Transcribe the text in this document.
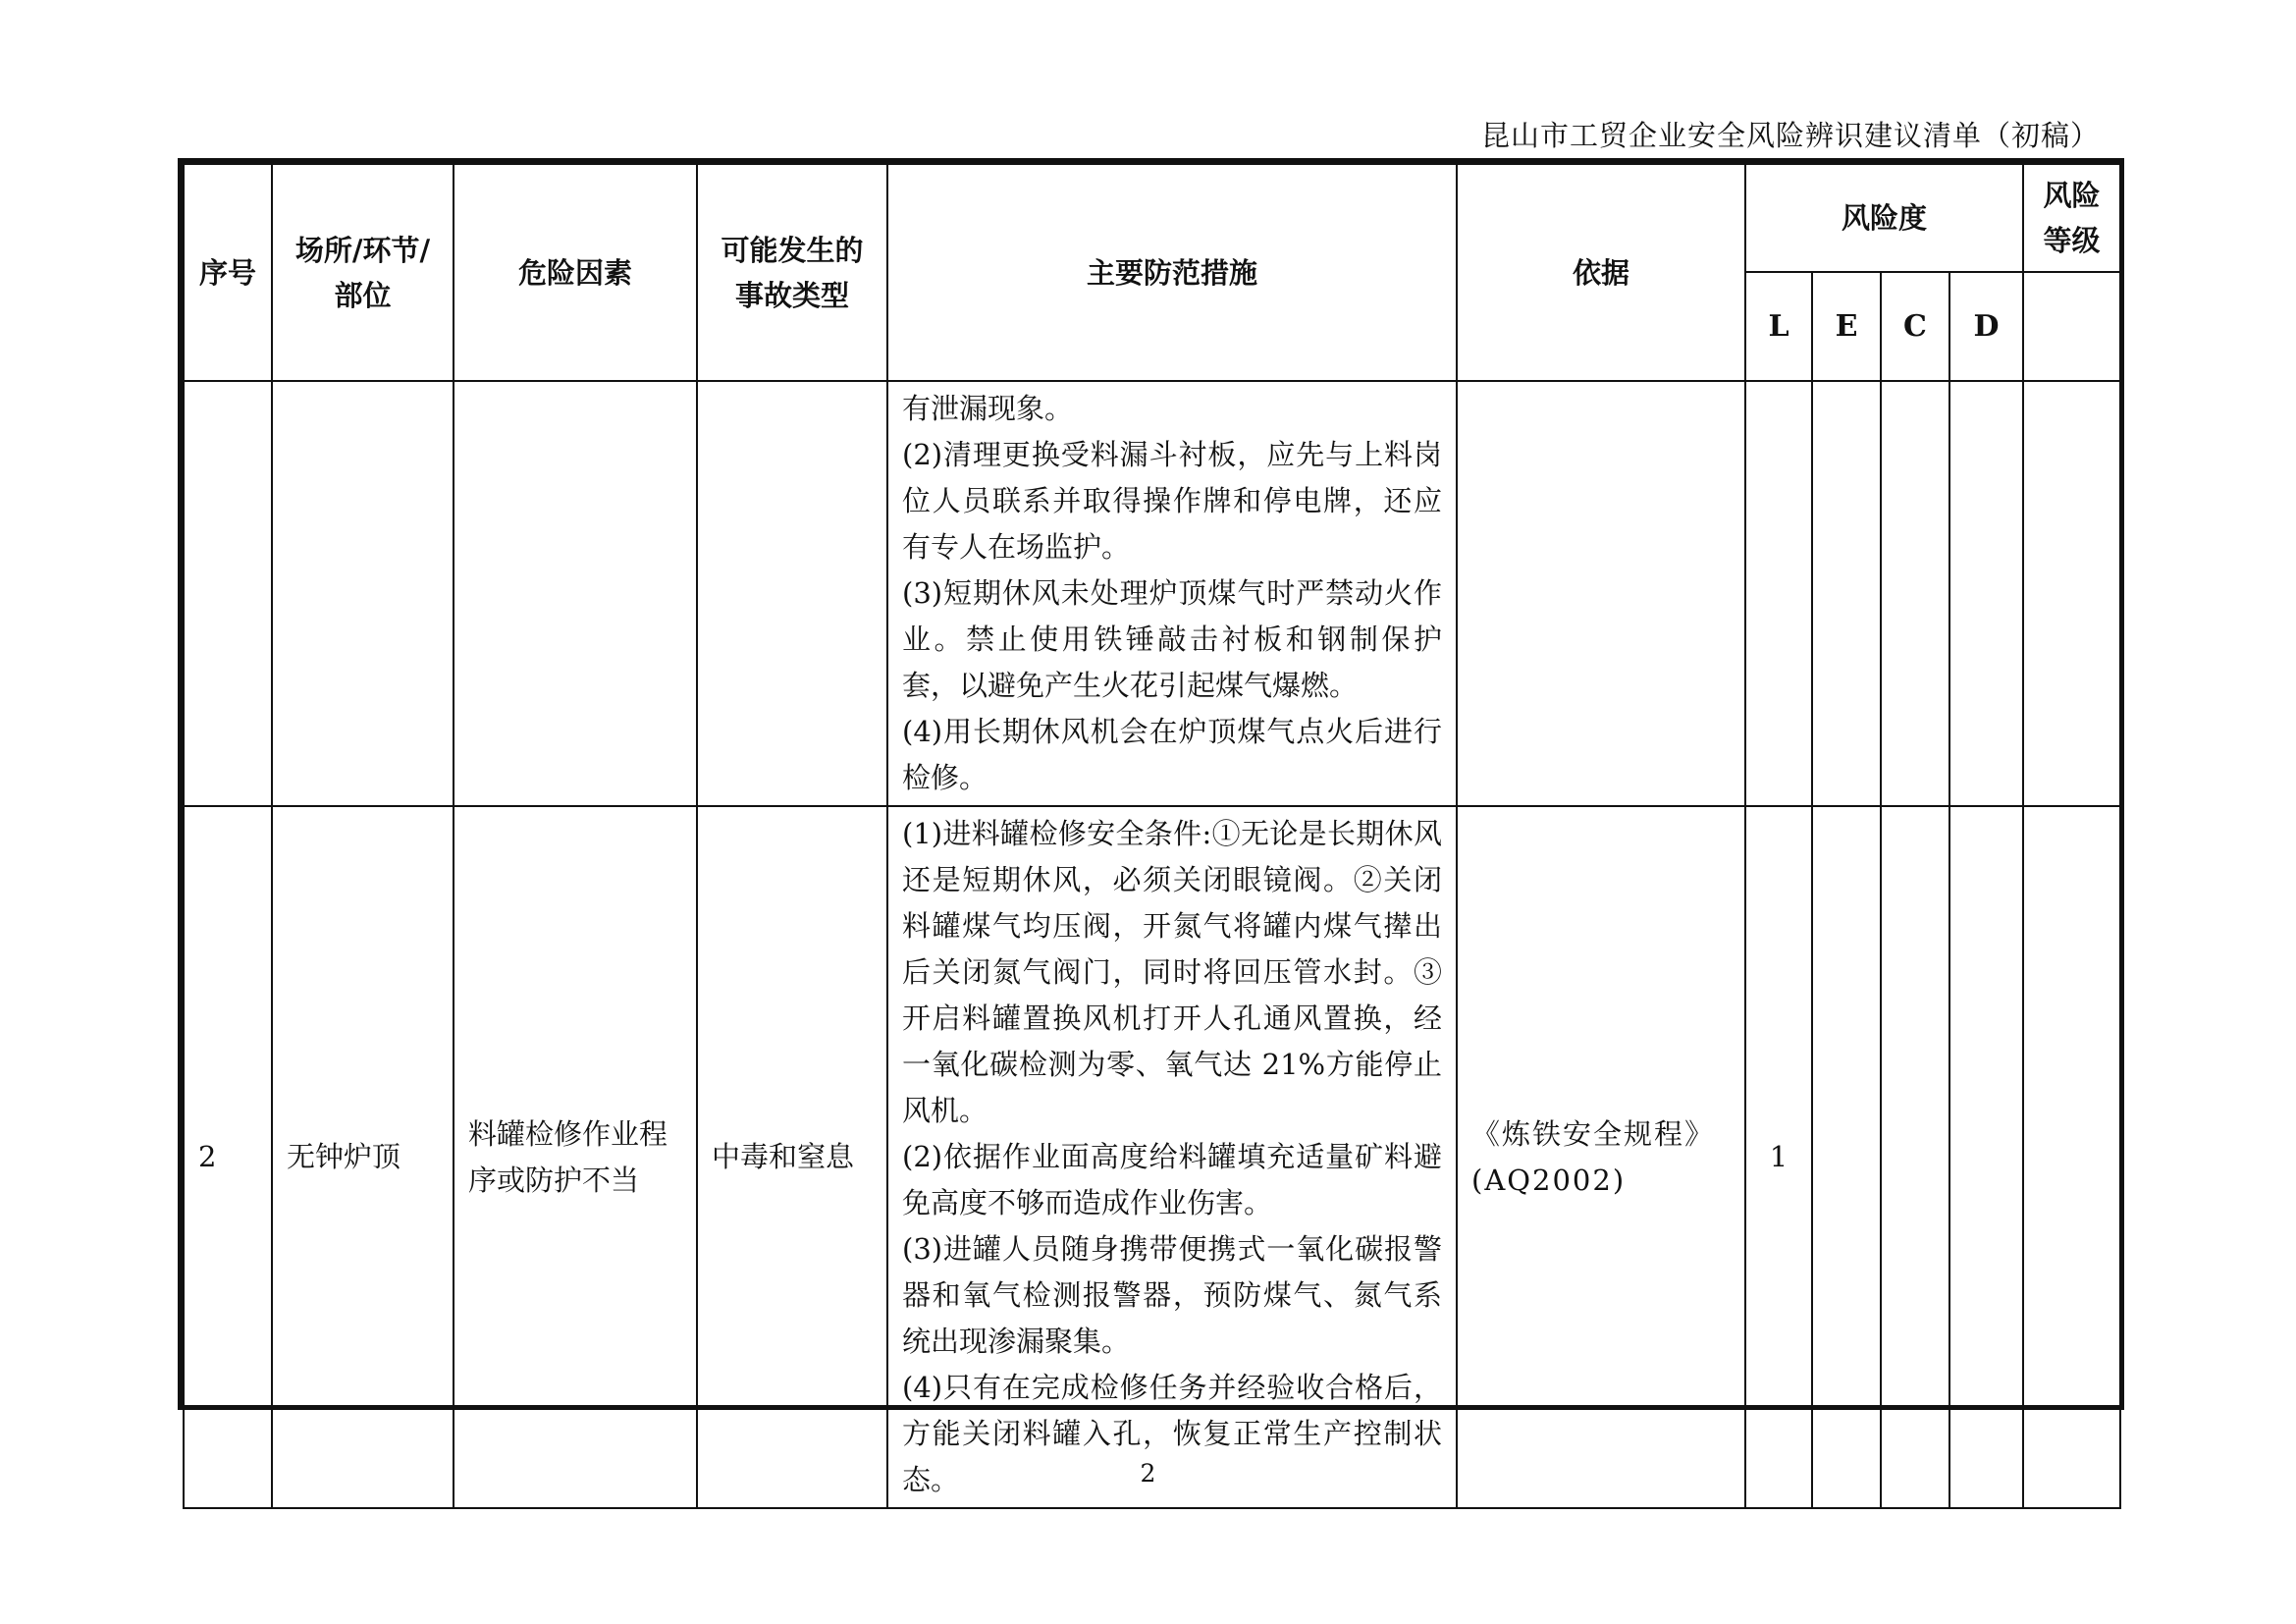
昆山市工贸企业安全风险辨识建议清单（初稿）
序号	场所/环节/部位	危险因素	可能发生的事故类型	主要防范措施	依据	风险度				风险等级
						L	E	C	D	

				有泄漏现象。

(2)清理更换受料漏斗衬板，应先与上料岗位人员联系并取得操作牌和停电牌，还应有专人在场监护。

(3)短期休风未处理炉顶煤气时严禁动火作业。禁止使用铁锤敲击衬板和钢制保护套，以避免产生火花引起煤气爆燃。

(4)用长期休风机会在炉顶煤气点火后进行检修。						

2	无钟炉顶	料罐检修作业程序或防护不当	中毒和窒息	(1)进料罐检修安全条件:①无论是长期休风还是短期休风，必须关闭眼镜阀。②关闭料罐煤气均压阀，开氮气将罐内煤气撵出后关闭氮气阀门，同时将回压管水封。③开启料罐置换风机打开人孔通风置换，经一氧化碳检测为零、氧气达 21%方能停止风机。

(2)依据作业面高度给料罐填充适量矿料避免高度不够而造成作业伤害。

(3)进罐人员随身携带便携式一氧化碳报警器和氧气检测报警器，预防煤气、氮气系统出现渗漏聚集。

(4)只有在完成检修任务并经验收合格后，方能关闭料罐入孔，恢复正常生产控制状态。	《炼铁安全规程》(AQ2002)	1				
2
